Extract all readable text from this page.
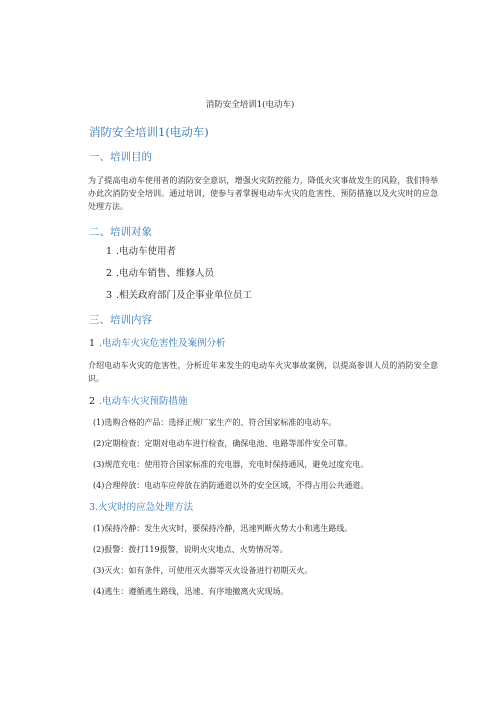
消防安全培训1(电动车)
消防安全培训1(电动车)
一、培训目的

为了提高电动车使用者的消防安全意识，增强火灾防控能力，降低火灾事故发生的风险，我们特举办此次消防安全培训。通过培训，使参与者掌握电动车火灾的危害性、预防措施以及火灾时的应急处理方法。

二、培训对象
1 .电动车使用者
2 .电动车销售、维修人员
3 .相关政府部门及企事业单位员工
三、培训内容
1 .电动车火灾危害性及案例分析

介绍电动车火灾的危害性，分析近年来发生的电动车火灾事故案例，以提高参训人员的消防安全意识。

2 .电动车火灾预防措施
(1)选购合格的产品：选择正规厂家生产的、符合国家标准的电动车。
(2)定期检查：定期对电动车进行检查，确保电池、电路等部件安全可靠。
(3)规范充电：使用符合国家标准的充电器，充电时保持通风，避免过度充电。
(4)合理停放：电动车应停放在消防通道以外的安全区域，不得占用公共通道。
3.火灾时的应急处理方法
(1)保持冷静：发生火灾时，要保持冷静，迅速判断火势大小和逃生路线。
(2)报警：拨打119报警，说明火灾地点、火势情况等。
(3)灭火：如有条件，可使用灭火器等灭火设备进行初期灭火。
(4)逃生：遵循逃生路线，迅速、有序地撤离火灾现场。
